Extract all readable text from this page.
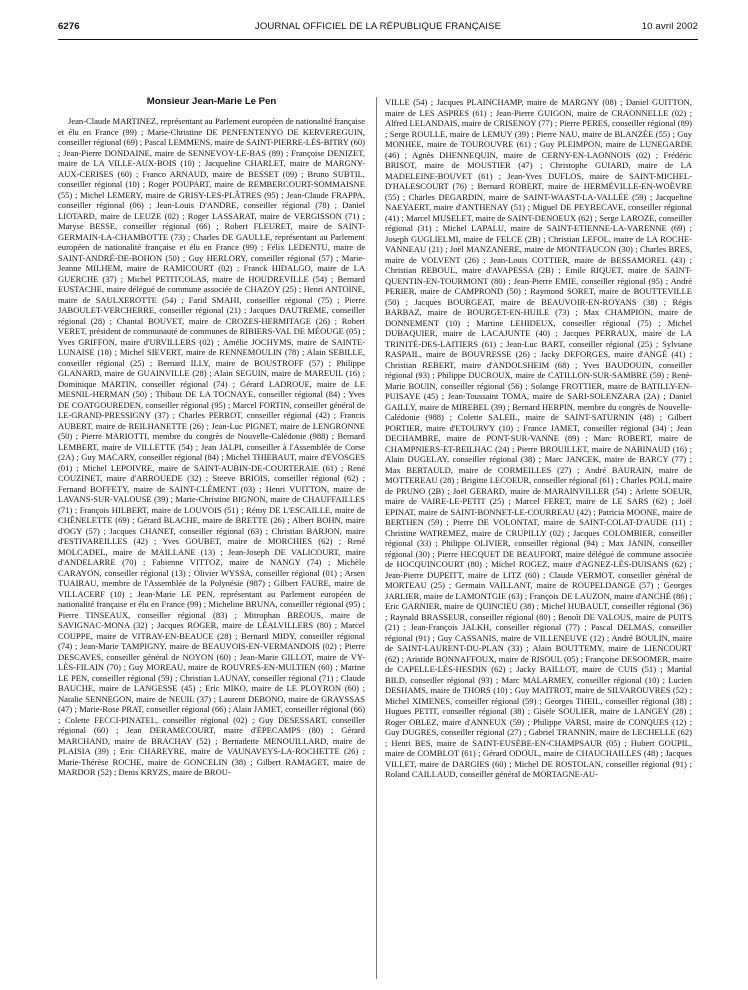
6276	JOURNAL OFFICIEL DE LA RÉPUBLIQUE FRANÇAISE	10 avril 2002
Monsieur Jean-Marie Le Pen

Jean-Claude MARTINEZ, représentant au Parlement européen de nationalité française et élu en France (99) ; Marie-Christine DE PENFENTENYO DE KERVEREGUIN, conseiller régional (69) ; Pascal LEMMENS, maire de SAINT-PIERRE-LÈS-BITRY (60) ; Jean-Pierre DONDAINE, maire de SENNEVOY-LE-BAS (89) ; Françoise DENIZET, maire de LA VILLE-AUX-BOIS (10) ; Jacqueline CHARLET, maire de MARGNY-AUX-CERISES (60) ; Franco ARNAUD, maire de BESSET (09) ; Bruno SUBTIL, conseiller régional (10) ; Roger POUPART, maire de REMBERCOURT-SOMMAISNE (55) ; Michel LEMERY, maire de GRISY-LES-PLÂTRES (95) ; Jean-Claude FRAPPA, conseiller régional (06) ; Jean-Louis D'ANDRE, conseiller régional (78) ; Daniel LIOTARD, maire de LEUZE (02) ; Roger LASSARAT, maire de VERGISSON (71) ; Maryse BESSE, conseiller régional (66) ; Robert FLEURET, maire de SAINT-GERMAIN-LA-CHAMBOTTE (73) ; Charles DE GAULLE, représentant au Parlement européen de nationalité française et élu en France (99) ; Félix LEDENTU, maire de SAINT-ANDRÉ-DE-BOHON (50) ; Guy HERLORY, conseiller régional (57) ; Marie-Jeanne MILHEM, maire de RAMICOURT (02) ; Franck HIDALGO, maire de LA GUERCHE (37) ; Michel PETITCOLAS, maire de HOUDREVILLE (54) ; Bernard EUSTACHE, maire délégué de commune associée de CHAZOY (25) ; Henri ANTOINE, maire de SAULXEROTTE (54) ; Farid SMAHI, conseiller régional (75) ; Pierre JABOULET-VERCHERRE, conseiller régional (21) ; Jacques DAUTREME, conseiller régional (28) ; Chantal BOUVET, maire de CROZES-HERMITAGE (26) ; Robert VERET, président de communauté de communes de RIBIERS-VAL DE MÉOUGE (05) ; Yves GRIFFON, maire d'URVILLERS (02) ; Amélie JOCHYMS, maire de SAINTE-LUNAISE (18) ; Michel SIEVERT, maire de RENNEMOULIN (78) ; Alain SEBILLE, conseiller régional (25) ; Bernard ILLY, maire de BOUSTROFF (57) ; Philippe GLANARD, maire de GUAINVILLE (28) ; Alain SEGUIN, maire de MAREUIL (16) ; Dominique MARTIN, conseiller régional (74) ; Gérard LADROUE, maire de LE MESNIL-HERMAN (50) ; Thibaut DE LA TOCNAYE, conseiller régional (84) ; Yves DE COATGOUREDEN, conseiller régional (95) ; Marcel FORTIN, conseiller général de LE-GRAND-PRESSIGNY (37) ; Charles PERROT, conseiller régional (42) ; Francis AUBERT, maire de REILHANETTE (26) ; Jean-Luc PIGNET, maire de LENGRONNE (50) ; Pierre MARIOTTI, membre du congrès de Nouvelle-Calédonie (988) ; Bernard LEMBERT, maire de VILLETTE (54) ; Jean JALPI, conseiller à l'Assemblée de Corse (2A) ; Guy MACARY, conseiller régional (84) ; Michel THIEBAUT, maire d'EVOSGES (01) ; Michel LEPOIVRE, maire de SAINT-AUBIN-DE-COURTERAIE (61) ; René COUZINET, maire d'ARROUEDE (32) ; Steeve BRIOIS, conseiller régional (62) ; Fernand BOFFETY, maire de SAINT-CLÉMENT (03) ; Henri VUITTON, maire de LAVANS-SUR-VALOUSE (39) ; Marie-Christine BIGNON, maire de CHAUFFAILLES (71) ; François HILBERT, maire de LOUVOIS (51) ; Rémy DE L'ESCAILLE, maire de CHÊNELETTE (69) ; Gérard BLACHE, maire de BRETTE (26) ; Albert BOHN, maire d'OGY (57) ; Jacques CHANET, conseiller régional (63) ; Christian BARJON, maire d'ESTIVAREILLES (42) ; Yves GOUBET, maire de MORCHIES (62) ; René MOLCADEL, maire de MAILLANE (13) ; Jean-Joseph DE VALICOURT, maire d'ANDELARRE (70) ; Fabienne VITTOZ, maire de NANGY (74) ; Michèle CARAYON, conseiller régional (13) ; Olivier WYSSA, conseiller régional (01) ; Arsen TUAIRAU, membre de l'Assemblée de la Polynésie (987) ; Gilbert FAURE, maire de VILLACERF (10) ; Jean-Marie LE PEN, représentant au Parlement européen de nationalité française et élu en France (99) ; Micheline BRUNA, conseiller régional (95) ; Pierre TINSEAUX, conseiller régional (83) ; Mitrophan BREOUS, maire de SAVIGNAC-MONA (32) ; Jacques ROGER, maire de LÉALVILLERS (80) ; Marcel COUPPE, maire de VITRAY-EN-BEAUCE (28) ; Bernard MIDY, conseiller régional (74) ; Jean-Marie TAMPIGNY, maire de BEAUVOIS-EN-VERMANDOIS (02) ; Pierre DESCAVES, conseiller général de NOYON (60) ; Jean-Marie GILLOT, maire de VY-LÈS-FILAIN (70) ; Guy MOREAU, maire de ROUVRES-EN-MULTIEN (60) ; Marine LE PEN, conseiller régional (59) ; Christian LAUNAY, conseiller régional (71) ; Claude BAUCHE, maire de LANGESSE (45) ; Eric MIKO, maire de LE PLOYRON (60) ; Natalie SENNEGON, maire de NEUIL (37) ; Laurent DEBONO, maire de GRAYSSAS (47) ; Marie-Rose PRAT, conseiller régional (66) ; Alain JAMET, conseiller régional (66) ; Colette FECCI-PINATEL, conseiller régional (02) ; Guy DESESSART, conseiller régional (60) ; Jean DERAMECOURT, maire d'ÉPECAMPS (80) ; Gérard MARCHAND, maire de BRACHAY (52) ; Bernadette MENOUILLARD, maire de PLAISIA (39) ; Eric CHAREYRE, maire de VAUNAVEYS-LA-ROCHETTE (26) ; Marie-Thérèse ROCHE, maire de GONCELIN (38) ; Gilbert RAMAGET, maire de MARDOR (52) ; Denis KRYZS, maire de BROU-

VILLE (54) ; Jacques PLAINCHAMP, maire de MARGNY (08) ; Daniel GUITTON, maire de LES ASPRES (61) ; Jean-Pierre GUIGON, maire de CRAONNELLE (02) ; Alfred LELANDAIS, maire de CRISENOY (77) ; Pierre PERES, conseiller régional (89) ; Serge ROULLE, maire de LEMUY (39) ; Pierre NAU, maire de BLANZÉE (55) ; Guy MONHEE, maire de TOUROUVRE (61) ; Guy PLEIMPON, maire de LUNEGARDE (46) ; Agnès DHENNEQUIN, maire de CERNY-EN-LAONNOIS (02) ; Frédéric BRISOT, maire de MOUSTIER (47) ; Christophe GUIARD, maire de LA MADELEINE-BOUVET (61) ; Jean-Yves DUFLOS, maire de SAINT-MICHEL-D'HALESCOURT (76) ; Bernard ROBERT, maire de HERMÉVILLE-EN-WOËVRE (55) ; Charles DEGARDIN, maire de SAINT-WAAST-LA-VALLÉE (59) ; Jacqueline NAEYAERT, maire d'ANTHENAY (51) ; Miguel DE PEYRECAVE, conseiller régional (41) ; Marcel MUSELET, maire de SAINT-DENOEUX (62) ; Serge LAROZE, conseiller régional (31) ; Michel LAPALU, maire de SAINT-ETIENNE-LA-VARENNE (69) ; Joseph GUGLIELMI, maire de FELCE (2B) ; Christian LEFOL, maire de LA ROCHE-VANNEAU (21) ; Joël MANZANERE, maire de MONTFAUCON (30) ; Charles BRES, maire de VOLVENT (26) ; Jean-Louis COTTIER, maire de BESSAMOREL (43) ; Christian REBOUL, maire d'AVAPESSA (2B) ; Emile RIQUET, maire de SAINT-QUENTIN-EN-TOURMONT (80) ; Jean-Pierre EMIE, conseiller régional (95) ; André PERIER, maire de CAMPROND (50) ; Raymond SORET, maire de BOUTTEVILLE (50) ; Jacques BOURGEAT, maire de BEAUVOIR-EN-ROYANS (38) ; Régis BARBAZ, maire de BOURGET-EN-HUILE (73) ; Max CHAMPION, maire de DONNEMENT (10) ; Martine LEHIDEUX, conseiller régional (75) ; Michel DUBAQUIER, maire de LACAJUNTE (40) ; Jacques PERRAUX, maire de LA TRINITÉ-DES-LAITIERS (61) ; Jean-Luc BART, conseiller régional (25) ; Sylviane RASPAIL, maire de BOUVRESSE (26) ; Jacky DEFORGES, maire d'ANGÉ (41) ; Christian REBERT, maire d'ANDOLSHEIM (68) ; Yves BAUDOUIN, conseiller régional (93) ; Philippe DUCROUX, maire de CATILLON-SUR-SAMBRE (59) ; René-Marie BOUIN, conseiller régional (56) ; Solange FROTTIER, maire de BATILLY-EN-PUISAYE (45) ; Jean-Toussaint TOMA, maire de SARI-SOLENZARA (2A) ; Daniel GAILLY, maire de MIREBEL (39) ; Bernard HERPIN, membre du congrès de Nouvelle-Calédonie (988) ; Colette SALEIL, maire de SAINT-SATURNIN (48) ; Gilbert PORTIER, maire d'ETOURVY (10) ; France JAMET, conseiller régional (34) ; Jean DECHAMBRE, maire de PONT-SUR-VANNE (89) ; Marc ROBERT, maire de CHAMPNIERS-ET-REILHAC (24) ; Pierre BROUILLET, maire de NABINAUD (16) ; Alain DUGELAY, conseiller régional (38) ; Marc JANCEK, maire de BARCY (77) ; Max BERTAULD, maire de CORMEILLES (27) ; André BAURAIN, maire de MOTTEREAU (28) ; Brigitte LECOEUR, conseiller régional (61) ; Charles POLI, maire de PRUNO (2B) ; Joël GERARD, maire de MARAINVILLER (54) ; Arlette SOEUR, maire de VAIRE-LE-PETIT (25) ; Marcel FERET, maire de LE SARS (62) ; Joël EPINAT, maire de SAINT-BONNET-LE-COURREAU (42) ; Patricia MOONE, maire de BERTHEN (59) ; Pierre DE VOLONTAT, maire de SAINT-COLAT-D'AUDE (11) ; Christine WATREMEZ, maire de CRUPILLY (02) ; Jacques COLOMBIER, conseiller régional (33) ; Philippe OLIVIER, conseiller régional (94) ; Max JANIN, conseiller régional (30) ; Pierre HECQUET DE BEAUFORT, maire délégué de commune associée de HOCQUINCOURT (80) ; Michel ROGEZ, maire d'AGNEZ-LÈS-DUISANS (62) ; Jean-Pierre DUPEITT, maire de LITZ (60) ; Claude VERMOT, conseiller général de MORTEAU (25) ; Germain VAILLANT, maire de ROUPELDANGE (57) ; Georges JARLIER, maire de LAMONTGIE (63) ; François DE LAUZON, maire d'ANCHÉ (86) ; Eric GARNIER, maire de QUINCIEU (38) ; Michel HUBAULT, conseiller régional (36) ; Raynald BRASSEUR, conseiller régional (80) ; Benoît DE VALOUS, maire de PUITS (21) ; Jean-François JALKH, conseiller régional (77) ; Pascal DELMAS, conseiller régional (91) ; Guy CASSANIS, maire de VILLENEUVE (12) ; André BOULIN, maire de SAINT-LAURENT-DU-PLAN (33) ; Alain BOUTTEMY, maire de LIENCOURT (62) ; Aristide BONNAFFOUX, maire de RISOUL (05) ; Françoise DESOOMER, maire de CAPELLE-LÈS-HESDIN (62) ; Jacky BAILLOT, maire de CUIS (51) ; Martial BILD, conseiller régional (93) ; Marc MALARMEY, conseiller régional (10) ; Lucien DESHAMS, maire de THORS (10) ; Guy MAITROT, maire de SILVAROUVRES (52) ; Michel XIMENES, conseiller régional (59) ; Georges THEIL, conseiller régional (38) ; Hugues PETIT, conseiller régional (38) ; Gisèle SOULIER, maire de LANGEY (28) ; Roger OBLEZ, maire d'ANNEUX (59) ; Philippe VARSI, maire de CONQUES (12) ; Guy DUGRES, conseiller régional (27) ; Gabriel TRANNIN, maire de LECHELLE (62) ; Henri BES, maire de SAINT-EUSÈBE-EN-CHAMPSAUR (05) ; Hubert GOUPIL, maire de COMBLOT (61) ; Gérard ODOUL, maire de CHAUCHAILLES (48) ; Jacques VILLET, maire de DARGIES (60) ; Michel DE ROSTOLAN, conseiller régional (91) ; Roland CAILLAUD, conseiller général de MORTAGNE-AU-
